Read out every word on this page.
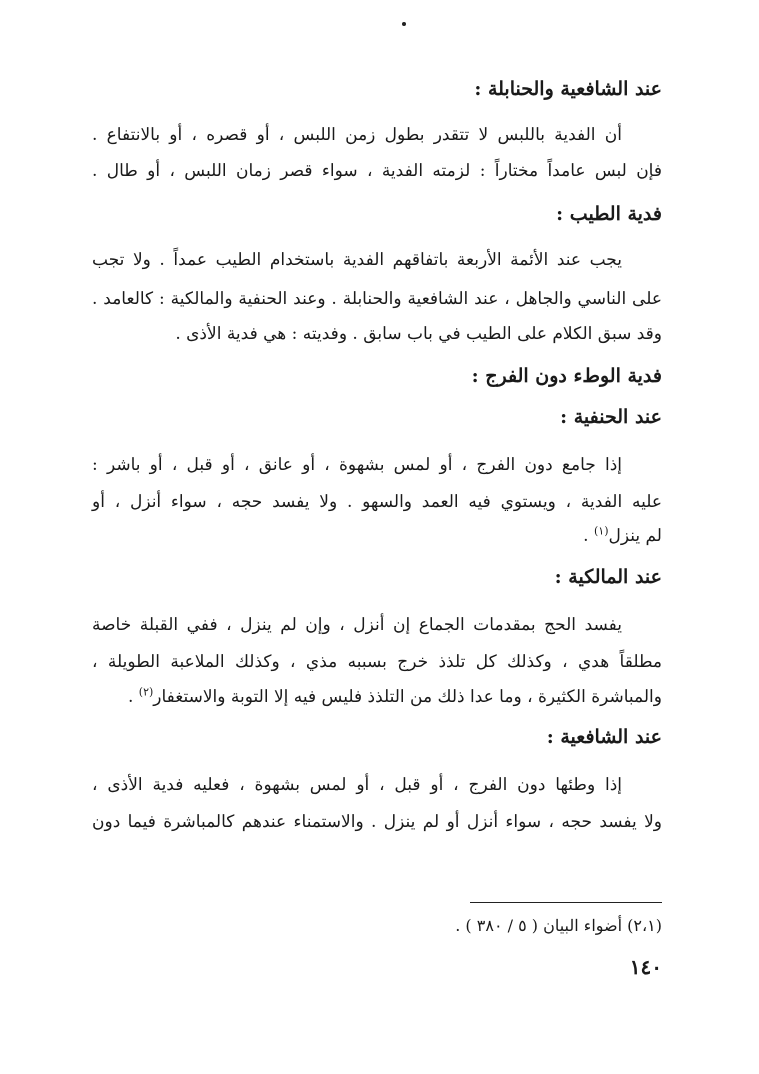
عند الشافعية والحنابلة :
أن الفدية باللبس لا تتقدر بطول زمن اللبس ، أو قصره ، أو بالانتفاع .
فإن لبس عامداً مختاراً : لزمته الفدية ، سواء قصر زمان اللبس ، أو طال .
فدية الطيب :
يجب عند الأئمة الأربعة باتفاقهم الفدية باستخدام الطيب عمداً . ولا تجب
على الناسي والجاهل ، عند الشافعية والحنابلة . وعند الحنفية والمالكية : كالعامد .
وقد سبق الكلام على الطيب في باب سابق . وفديته : هي فدية الأذى .
فدية الوطء دون الفرج :
عند الحنفية :
إذا جامع دون الفرج ، أو لمس بشهوة ، أو عانق ، أو قبل ، أو باشر :
عليه الفدية ، ويستوي فيه العمد والسهو . ولا يفسد حجه ، سواء أنزل ، أو
لم ينزل$^{(١)}$ .
عند المالكية :
يفسد الحج بمقدمات الجماع إن أنزل ، وإن لم ينزل ، ففي القبلة خاصة
مطلقاً هدي ، وكذلك كل تلذذ خرج بسببه مذي ، وكذلك الملاعبة الطويلة ،
والمباشرة الكثيرة ، وما عدا ذلك من التلذذ فليس فيه إلا التوبة والاستغفار$^{(٢)}$ .
عند الشافعية :
إذا وطئها دون الفرج ، أو قبل ، أو لمس بشهوة ، فعليه فدية الأذى ،
ولا يفسد حجه ، سواء أنزل أو لم ينزل . والاستمناء عندهم كالمباشرة فيما دون
(٢،١) أضواء البيان ( ٥ / ٣٨٠ ) .
١٤٠
